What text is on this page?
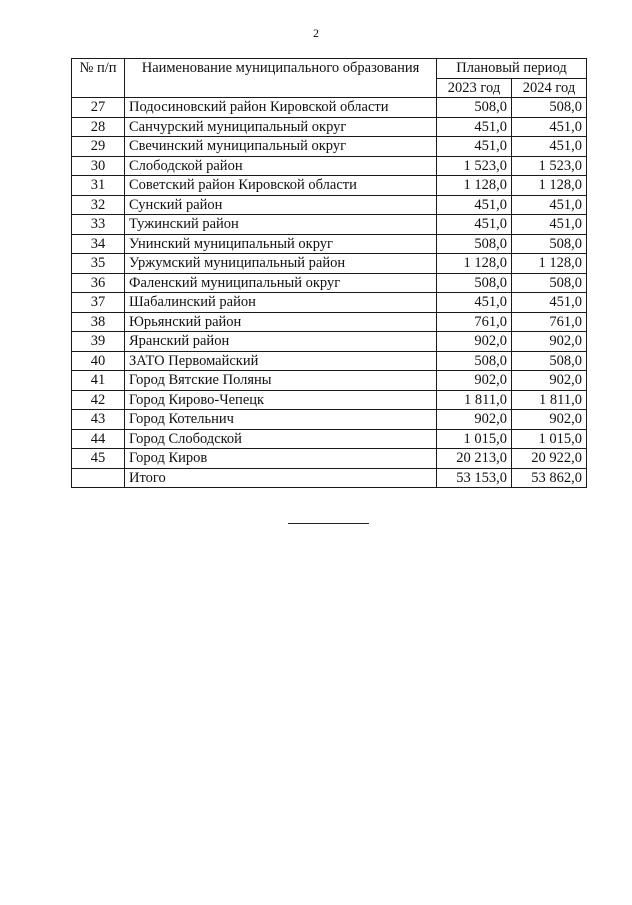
2
№ п/п	Наименование муниципального образования	Плановый период	
		2023 год	2024 год
27	Подосиновский район Кировской области	508,0	508,0
28	Санчурский муниципальный округ	451,0	451,0
29	Свечинский муниципальный округ	451,0	451,0
30	Слободской район	1 523,0	1 523,0
31	Советский район Кировской области	1 128,0	1 128,0
32	Сунский район	451,0	451,0
33	Тужинский район	451,0	451,0
34	Унинский муниципальный округ	508,0	508,0
35	Уржумский муниципальный район	1 128,0	1 128,0
36	Фаленский муниципальный округ	508,0	508,0
37	Шабалинский район	451,0	451,0
38	Юрьянский район	761,0	761,0
39	Яранский район	902,0	902,0
40	ЗАТО Первомайский	508,0	508,0
41	Город Вятские Поляны	902,0	902,0
42	Город Кирово-Чепецк	1 811,0	1 811,0
43	Город Котельнич	902,0	902,0
44	Город Слободской	1 015,0	1 015,0
45	Город Киров	20 213,0	20 922,0
	Итого	53 153,0	53 862,0
